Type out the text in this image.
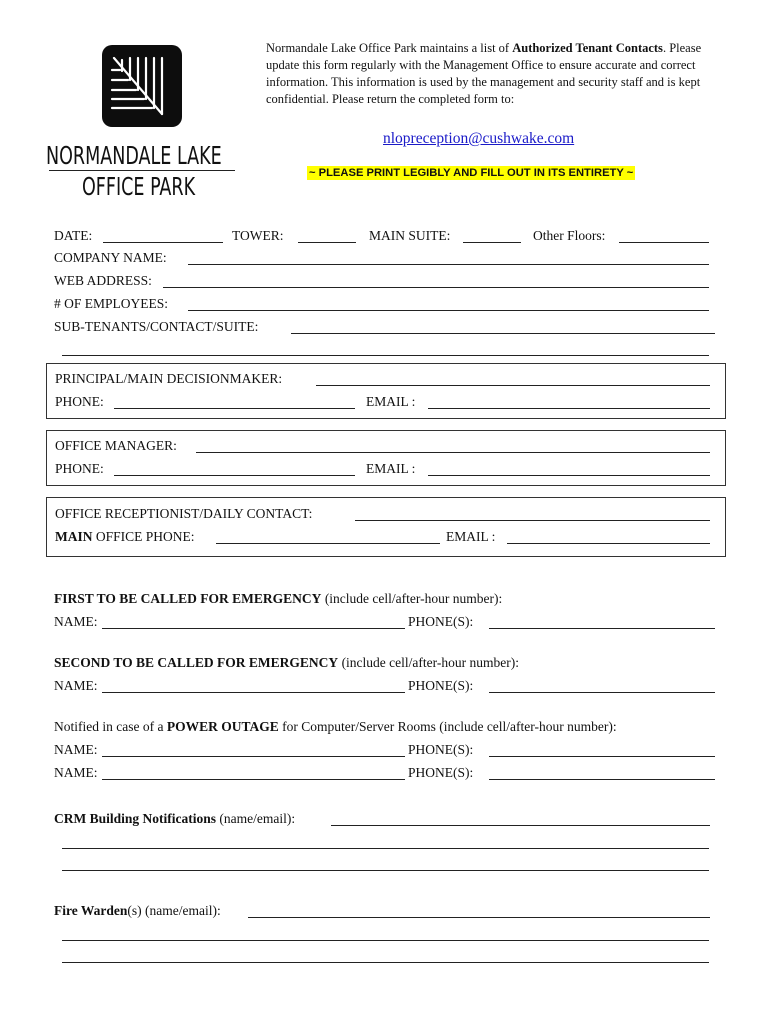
NORMANDALE LAKE
OFFICE PARK
Normandale Lake Office Park maintains a list of Authorized Tenant Contacts. Please update this form regularly with the Management Office to ensure accurate and correct information. This information is used by the management and security staff and is kept confidential. Please return the completed form to:
nlopreception@cushwake.com
~ PLEASE PRINT LEGIBLY AND FILL OUT IN ITS ENTIRETY ~
DATE:	TOWER:	MAIN SUITE:	Other Floors:
COMPANY NAME:
WEB ADDRESS:
# OF EMPLOYEES:
SUB-TENANTS/CONTACT/SUITE:
PRINCIPAL/MAIN DECISIONMAKER:
PHONE:	EMAIL :
OFFICE MANAGER:
PHONE:	EMAIL :
OFFICE RECEPTIONIST/DAILY CONTACT:
MAIN OFFICE PHONE:	EMAIL :
FIRST TO BE CALLED FOR EMERGENCY (include cell/after-hour number):
NAME:	PHONE(S):
SECOND TO BE CALLED FOR EMERGENCY (include cell/after-hour number):
NAME:	PHONE(S):
Notified in case of a POWER OUTAGE for Computer/Server Rooms (include cell/after-hour number):
NAME:	PHONE(S):
NAME:	PHONE(S):
CRM Building Notifications (name/email):
Fire Warden(s) (name/email):
